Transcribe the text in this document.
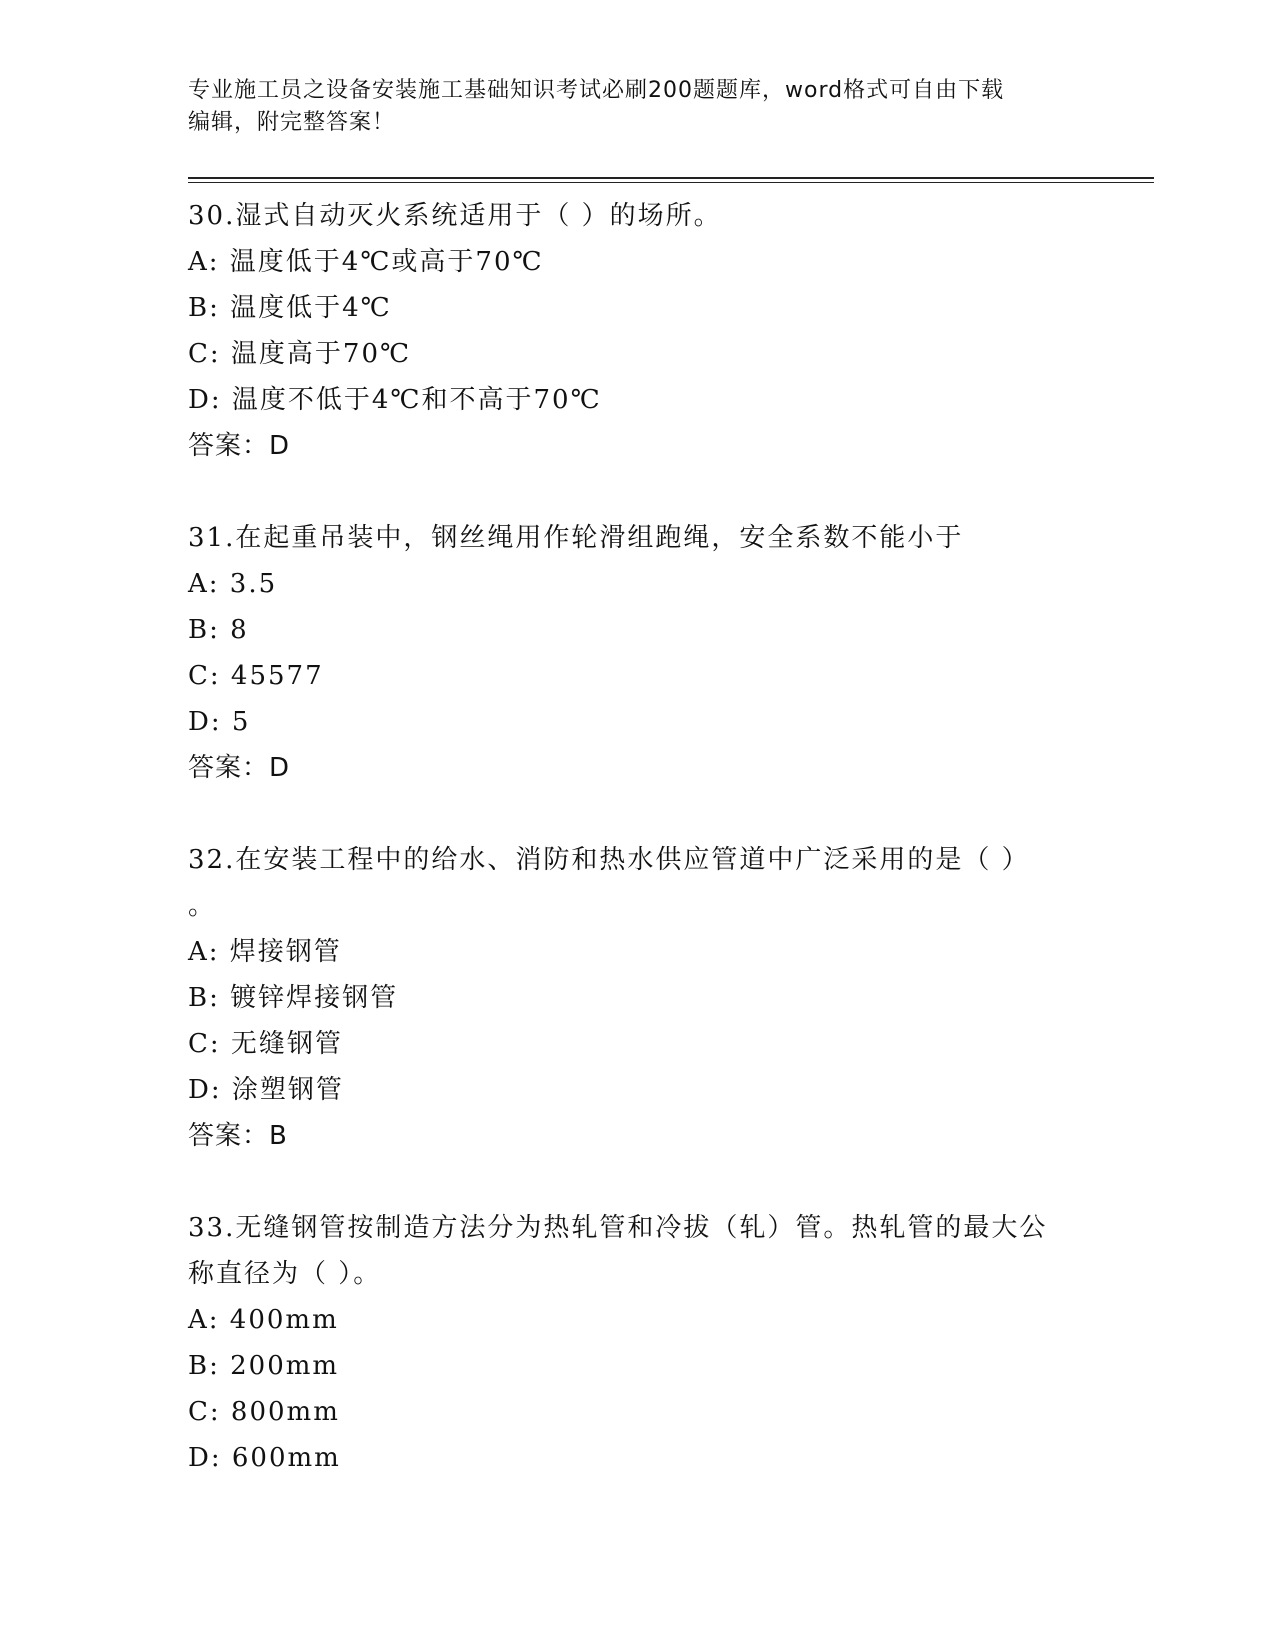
专业施工员之设备安装施工基础知识考试必刷200题题库，word格式可自由下载
编辑，附完整答案！
30.湿式自动灭火系统适用于（ ）的场所。
A: 温度低于4℃或高于70℃
B: 温度低于4℃
C: 温度高于70℃
D: 温度不低于4℃和不高于70℃
答案：D
31.在起重吊装中，钢丝绳用作轮滑组跑绳，安全系数不能小于
A: 3.5
B: 8
C: 45577
D: 5
答案：D
32.在安装工程中的给水、消防和热水供应管道中广泛采用的是（ ）
。
A: 焊接钢管
B: 镀锌焊接钢管
C: 无缝钢管
D: 涂塑钢管
答案：B
33.无缝钢管按制造方法分为热轧管和冷拔（轧）管。热轧管的最大公
称直径为（ ）。
A: 400mm
B: 200mm
C: 800mm
D: 600mm
